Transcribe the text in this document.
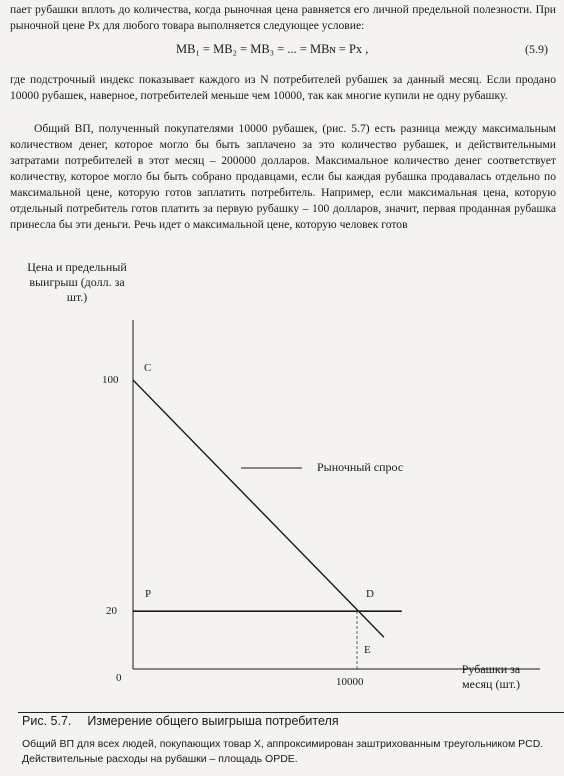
пает рубашки вплоть до количества, когда рыночная цена равняется его личной предельной полезности. При рыночной цене Pх для любого товара выполняется следующее условие:

MB₁ = MB₂ = MB₃ = ... = MBɴ = Pх ,	(5.9)

где подстрочный индекс показывает каждого из N потребителей рубашек за данный месяц. Если продано 10000 рубашек, наверное, потребителей меньше чем 10000, так как многие купили не одну рубашку.

Общий ВП, полученный покупателями 10000 рубашек, (рис. 5.7) есть разница между максимальным количеством денег, которое могло бы быть заплачено за это количество рубашек, и действительными затратами потребителей в этот месяц – 200000 долларов. Максимальное количество денег соответствует количеству, которое могло бы быть собрано продавцами, если бы каждая рубашка продавалась отдельно по максимальной цене, которую готов заплатить потребитель. Например, если максимальная цена, которую отдельный потребитель готов платить за первую рубашку – 100 долларов, значит, первая проданная рубашка принесла бы эти деньги. Речь идет о максимальной цене, которую человек готов

Цена и предельный выигрыш (долл. за шт.)
100
20
10000
C
P	D
E
0
Рыночный спрос
Рубашки за месяц (шт.)
Рис. 5.7. Измерение общего выигрыша потребителя
Общий ВП для всех людей, покупающих товар X, аппроксимирован заштрихованным треугольником PCD. Действительные расходы на рубашки – площадь OPDE.
